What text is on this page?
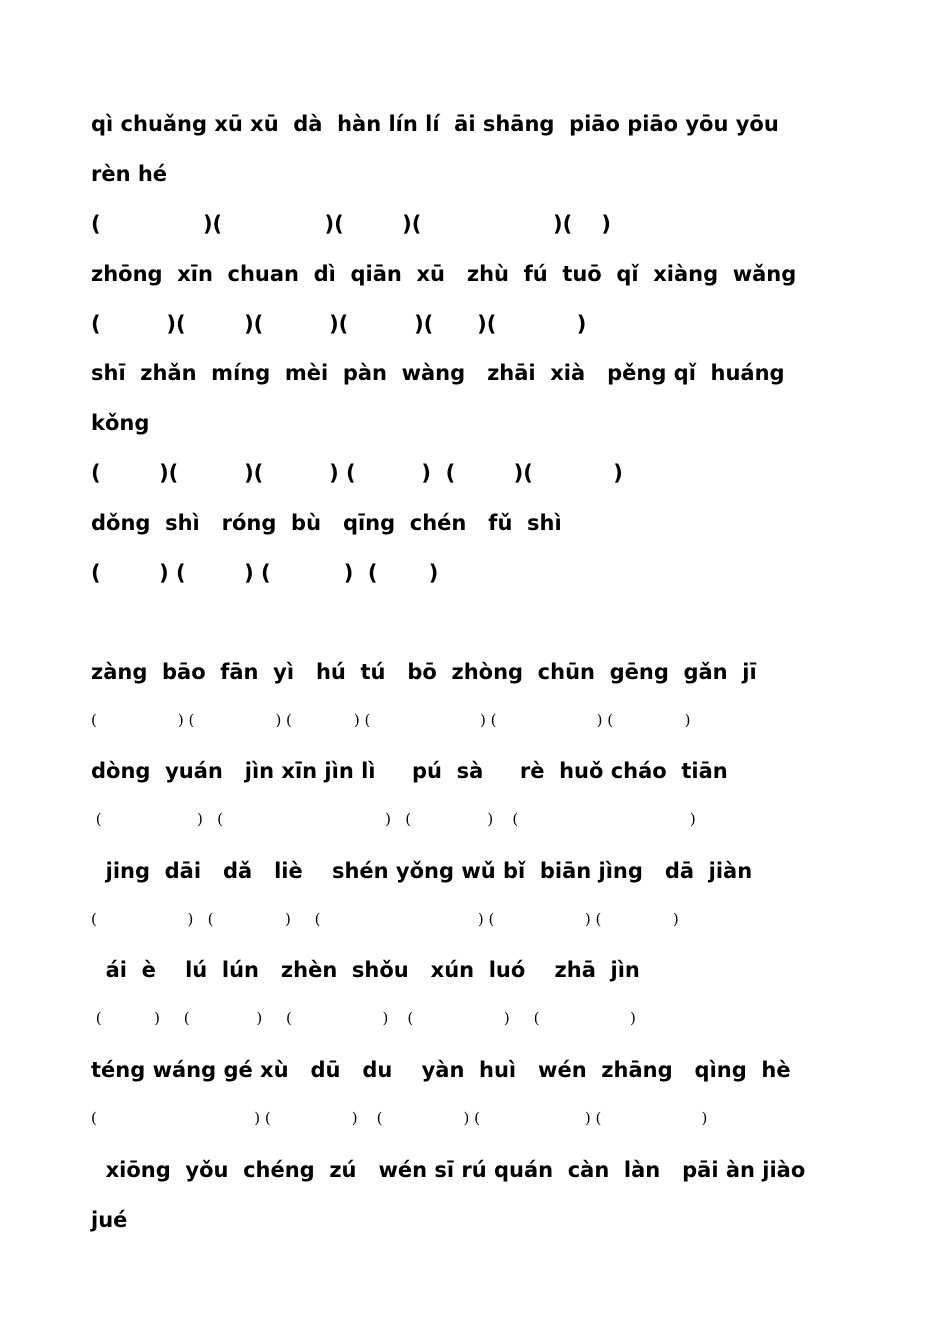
qì chuǎng xū xū  dà  hàn lín lí  āi shāng  piāo piāo yōu yōu
rèn hé
(              )(              )(        )(                  )(    )
zhōng  xīn  chuan  dì  qiān  xū   zhù  fú  tuō  qǐ  xiàng  wǎng
(         )(        )(         )(         )(      )(           )
shī  zhǎn  míng  mèi  pàn  wàng   zhāi  xià   pěng qǐ  huáng
kǒng
(        )(         )(         ) (         )  (        )(           )
dǒng  shì   róng  bù   qīng  chén   fǔ  shì
(        ) (        ) (          )  (       )
zàng  bāo  fān  yì   hú  tú   bō  zhòng  chūn  gēng  gǎn  jī
(                 ) (                 ) (             ) (                       ) (                     ) (               )
dòng  yuán   jìn xīn jìn lì     pú  sà     rè  huǒ cháo  tiān
(                    )   (                                  )   (                )    (                                    )
jing  dāi   dǎ   liè    shén yǒng wǔ bǐ  biān jìng   dā  jiàn
(                   )   (               )     (                                 ) (                   ) (               )
ái  è    lú  lún   zhèn  shǒu   xún  luó    zhā  jìn
(           )     (              )     (                   )    (                   )     (                   )
téng wáng gé xù   dū   du    yàn  huì   wén  zhāng   qìng  hè
(                                 ) (                 )    (                 ) (                      ) (                     )
xiōng  yǒu  chéng  zú   wén sī rú quán  càn  làn   pāi àn jiào
jué
